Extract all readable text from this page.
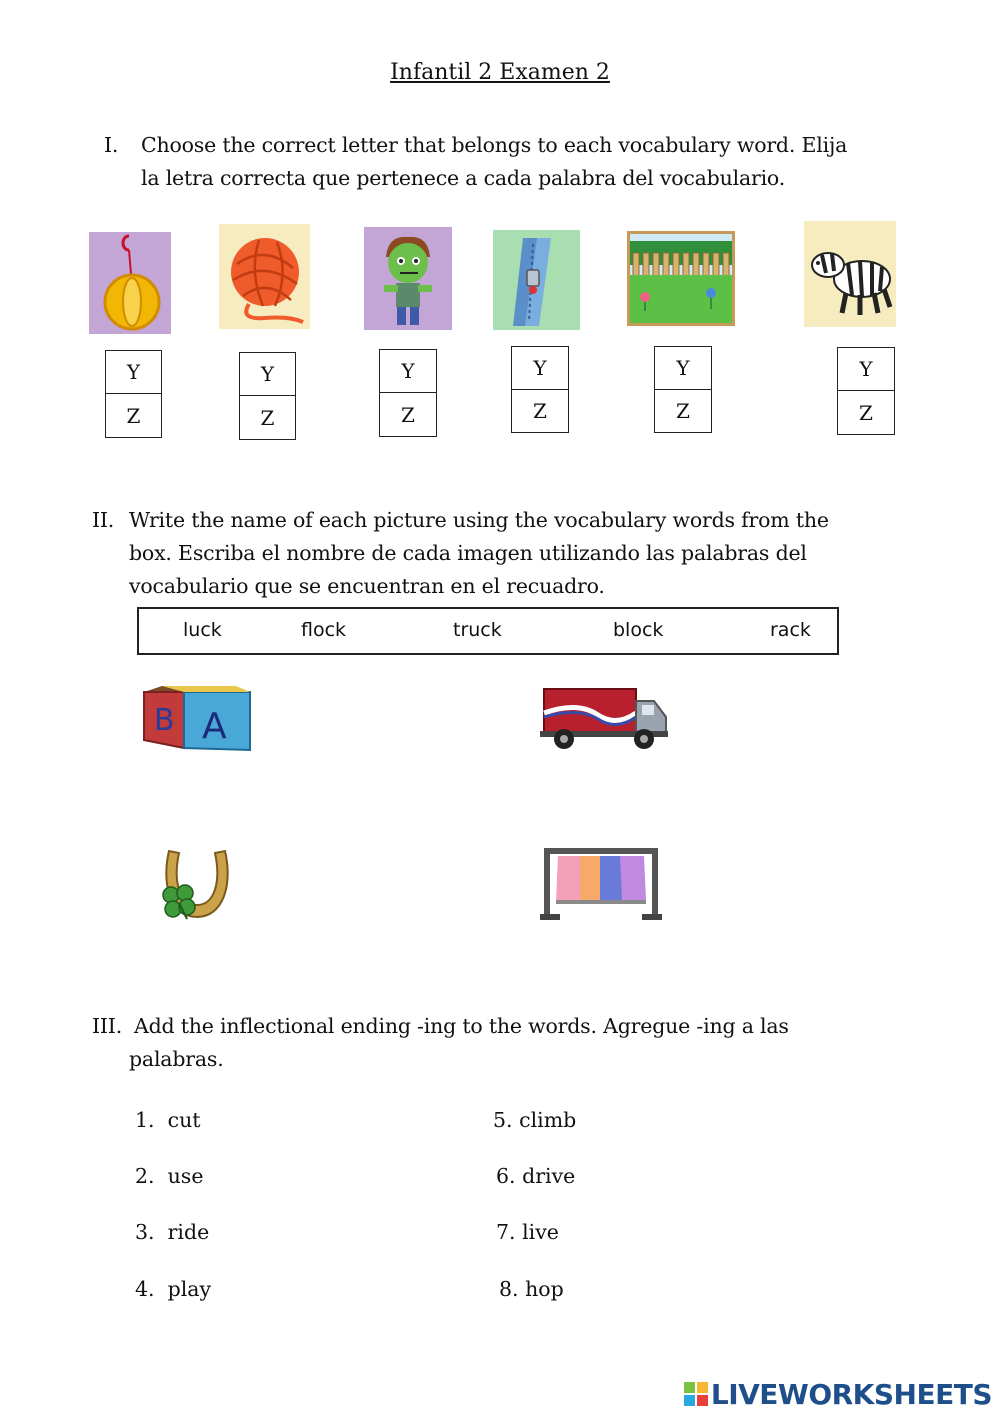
Infantil 2 Examen 2
I. Choose the correct letter that belongs to each vocabulary word. Elija
la letra correcta que pertenece a cada palabra del vocabulario.
Y
Z
Y
Z
Y
Z
Y
Z
Y
Z
Y
Z
II. Write the name of each picture using the vocabulary words from the
box. Escriba el nombre de cada imagen utilizando las palabras del
vocabulario que se encuentran en el recuadro.
luck	flock	truck	block	rack
B A
III. Add the inflectional ending -ing to the words. Agregue -ing a las
palabras.
1. cut
2. use
3. ride
4. play
5. climb
6. drive
7. live
8. hop
LIVEWORKSHEETS
